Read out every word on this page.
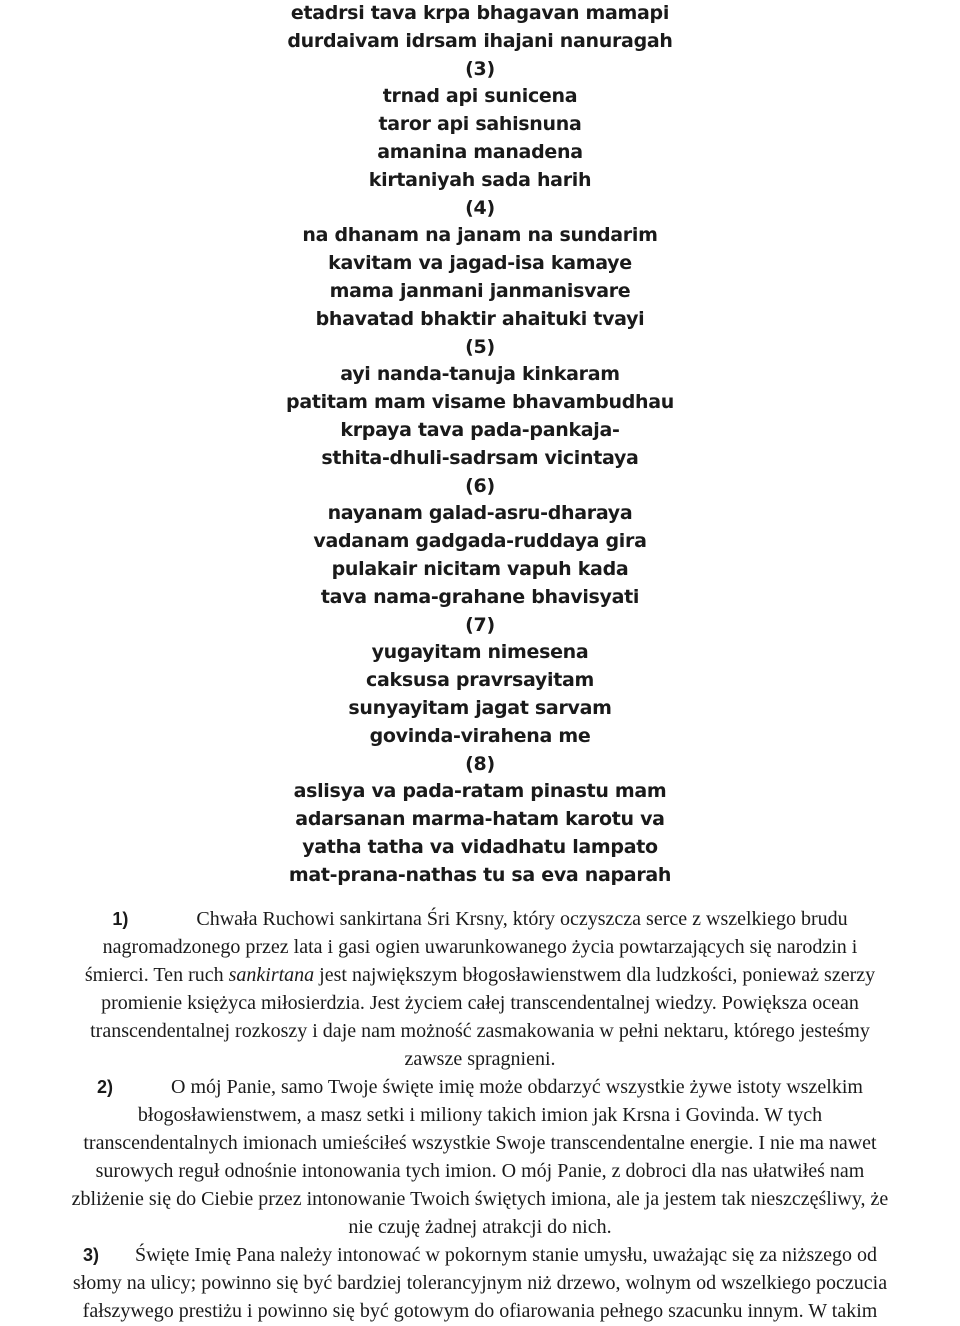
etadrsi tava krpa bhagavan mamapi
durdaivam idrsam ihajani nanuragah
(3)
trnad api sunicena
taror api sahisnuna
amanina manadena
kirtaniyah sada harih
(4)
na dhanam na janam na sundarim
kavitam va jagad-isa kamaye
mama janmani janmanisvare
bhavatad bhaktir ahaituki tvayi
(5)
ayi nanda-tanuja kinkaram
patitam mam visame bhavambudhau
krpaya tava pada-pankaja-
sthita-dhuli-sadrsam vicintaya
(6)
nayanam galad-asru-dharaya
vadanam gadgada-ruddaya gira
pulakair nicitam vapuh kada
tava nama-grahane bhavisyati
(7)
yugayitam nimesena
caksusa pravrsayitam
sunyayitam jagat sarvam
govinda-virahena me
(8)
aslisya va pada-ratam pinastu mam
adarsanan marma-hatam karotu va
yatha tatha va vidadhatu lampato
mat-prana-nathas tu sa eva naparah
1)	Chwała Ruchowi sankirtana Śri Krsny, który oczyszcza serce z wszelkiego brudu
nagromadzonego przez lata i gasi ogien uwarunkowanego życia powtarzających się narodzin i
śmierci. Ten ruch sankirtana jest największym błogosławienstwem dla ludzkości, ponieważ szerzy
promienie księżyca miłosierdzia. Jest życiem całej transcendentalnej wiedzy. Powiększa ocean
transcendentalnej rozkoszy i daje nam możność zasmakowania w pełni nektaru, którego jesteśmy
zawsze spragnieni.
2)	O mój Panie, samo Twoje święte imię może obdarzyć wszystkie żywe istoty wszelkim
błogosławienstwem, a masz setki i miliony takich imion jak Krsna i Govinda. W tych
transcendentalnych imionach umieściłeś wszystkie Swoje transcendentalne energie. I nie ma nawet
surowych reguł odnośnie intonowania tych imion. O mój Panie, z dobroci dla nas ułatwiłeś nam
zbliżenie się do Ciebie przez intonowanie Twoich świętych imiona, ale ja jestem tak nieszczęśliwy, że
nie czuję żadnej atrakcji do nich.
3) Święte Imię Pana należy intonować w pokornym stanie umysłu, uważając się za niższego od
słomy na ulicy; powinno się być bardziej tolerancyjnym niż drzewo, wolnym od wszelkiego poczucia
fałszywego prestiżu i powinno się być gotowym do ofiarowania pełnego szacunku innym. W takim
